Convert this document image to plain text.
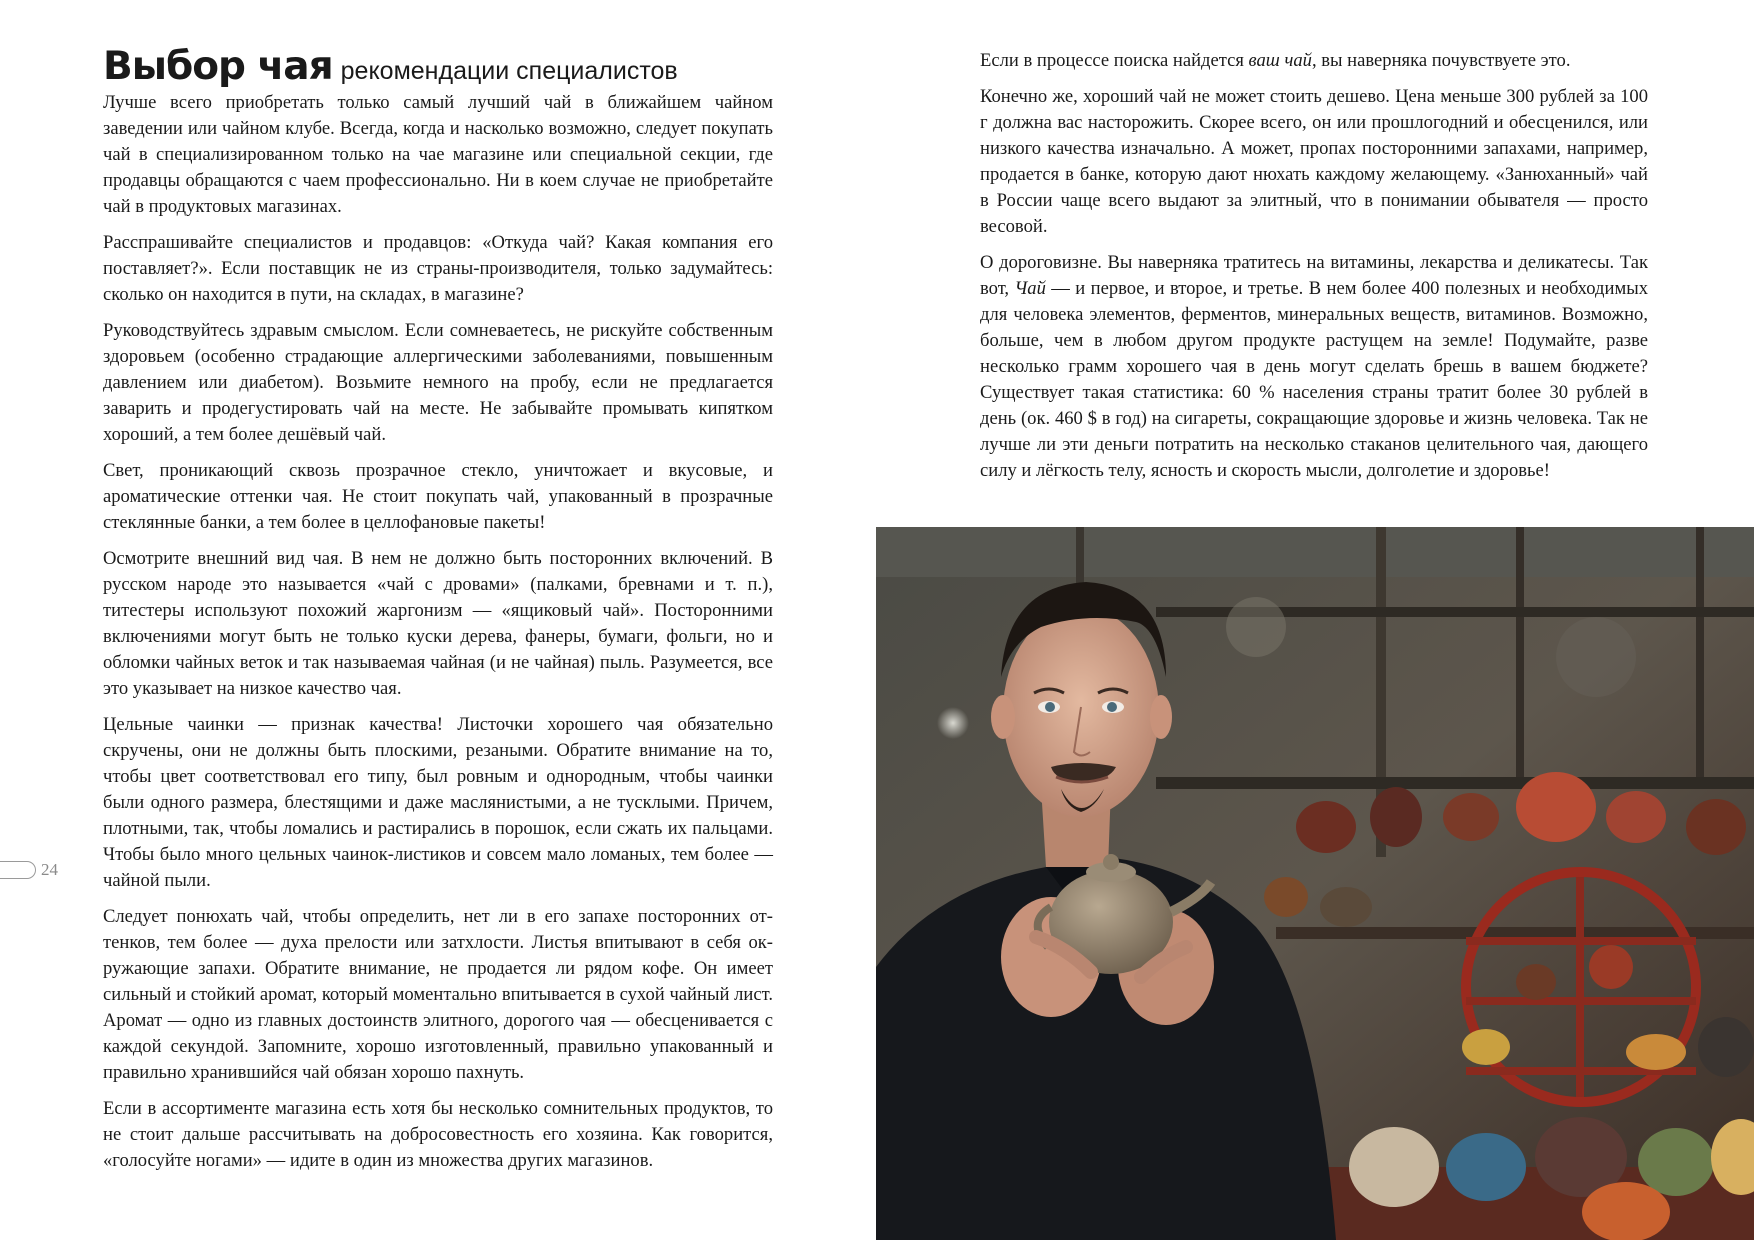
Выбор чая рекомендации специалистов

Лучше всего приобретать только самый лучший чай в ближайшем чайном заведении или чайном клубе. Всегда, когда и насколько возможно, следует покупать чай в специализированном только на чае магазине или специальной секции, где продавцы обращаются с чаем профессионально. Ни в коем случае не приобретайте чай в продуктовых магазинах.

Расспрашивайте специалистов и продавцов: «Откуда чай? Какая компания его поставляет?». Если поставщик не из страны-производителя, только задумайтесь: сколько он находится в пути, на складах, в магазине?

Руководствуйтесь здравым смыслом. Если сомневаетесь, не рискуйте собственным здоровьем (особенно страдающие аллергическими заболеваниями, повышенным давлением или диабетом). Возьмите немного на пробу, если не предлагается заварить и продегустировать чай на месте. Не забывайте промывать кипятком хороший, а тем более дешёвый чай.

Свет, проникающий сквозь прозрачное стекло, уничтожает и вкусовые, и ароматические оттенки чая. Не стоит покупать чай, упакованный в прозрачные стеклянные банки, а тем более в целлофановые пакеты!

Осмотрите внешний вид чая. В нем не должно быть посторонних включений. В русском народе это называется «чай с дровами» (палками, бревнами и т. п.), титестеры используют похожий жаргонизм — «ящиковый чай». Посторонними включениями могут быть не только куски дерева, фанеры, бумаги, фольги, но и обломки чайных веток и так называемая чайная (и не чайная) пыль. Разумеется, все это указывает на низкое качество чая.

Цельные чаинки — признак качества! Листочки хорошего чая обязательно скручены, они не должны быть плоскими, резаными. Обратите внимание на то, чтобы цвет соответствовал его типу, был ровным и однородным, чтобы чаинки были одного размера, блестящими и даже маслянистыми, а не тусклыми. Причем, плотными, так, чтобы ломались и растирались в порошок, если сжать их пальцами. Чтобы было много цельных чаинок-листиков и совсем мало ломаных, тем более — чайной пыли.

Следует понюхать чай, чтобы определить, нет ли в его запахе посторонних оттенков, тем более — духа прелости или затхлости. Листья впитывают в себя окружающие запахи. Обратите внимание, не продается ли рядом кофе. Он имеет сильный и стойкий аромат, который моментально впитывается в сухой чайный лист. Аромат — одно из главных достоинств элитного, дорогого чая — обесценивается с каждой секундой. Запомните, хорошо изготовленный, правильно упакованный и правильно хранившийся чай обязан хорошо пахнуть.

Если в ассортименте магазина есть хотя бы несколько сомнительных продуктов, то не стоит дальше рассчитывать на добросовестность его хозяина. Как говорится, «голосуйте ногами» — идите в один из множества других магазинов.

Если в процессе поиска найдется ваш чай, вы наверняка почувствуете это.

Конечно же, хороший чай не может стоить дешево. Цена меньше 300 рублей за 100 г должна вас насторожить. Скорее всего, он или прошлогодний и обесценился, или низкого качества изначально. А может, пропах посторонними запахами, например, продается в банке, которую дают нюхать каждому желающему. «Занюханный» чай в России чаще всего выдают за элитный, что в понимании обывателя — просто весовой.

О дороговизне. Вы наверняка тратитесь на витамины, лекарства и деликатесы. Так вот, Чай — и первое, и второе, и третье. В нем более 400 полезных и необходимых для человека элементов, ферментов, минеральных веществ, витаминов. Возможно, больше, чем в любом другом продукте растущем на земле! Подумайте, разве несколько грамм хорошего чая в день могут сделать брешь в вашем бюджете? Существует такая статистика: 60 % населения страны тратит более 30 рублей в день (ок. 460 $ в год) на сигареты, сокращающие здоровье и жизнь человека. Так не лучше ли эти деньги потратить на несколько стаканов целительного чая, дающего силу и лёгкость телу, ясность и скорость мысли, долголетие и здоровье!

24
